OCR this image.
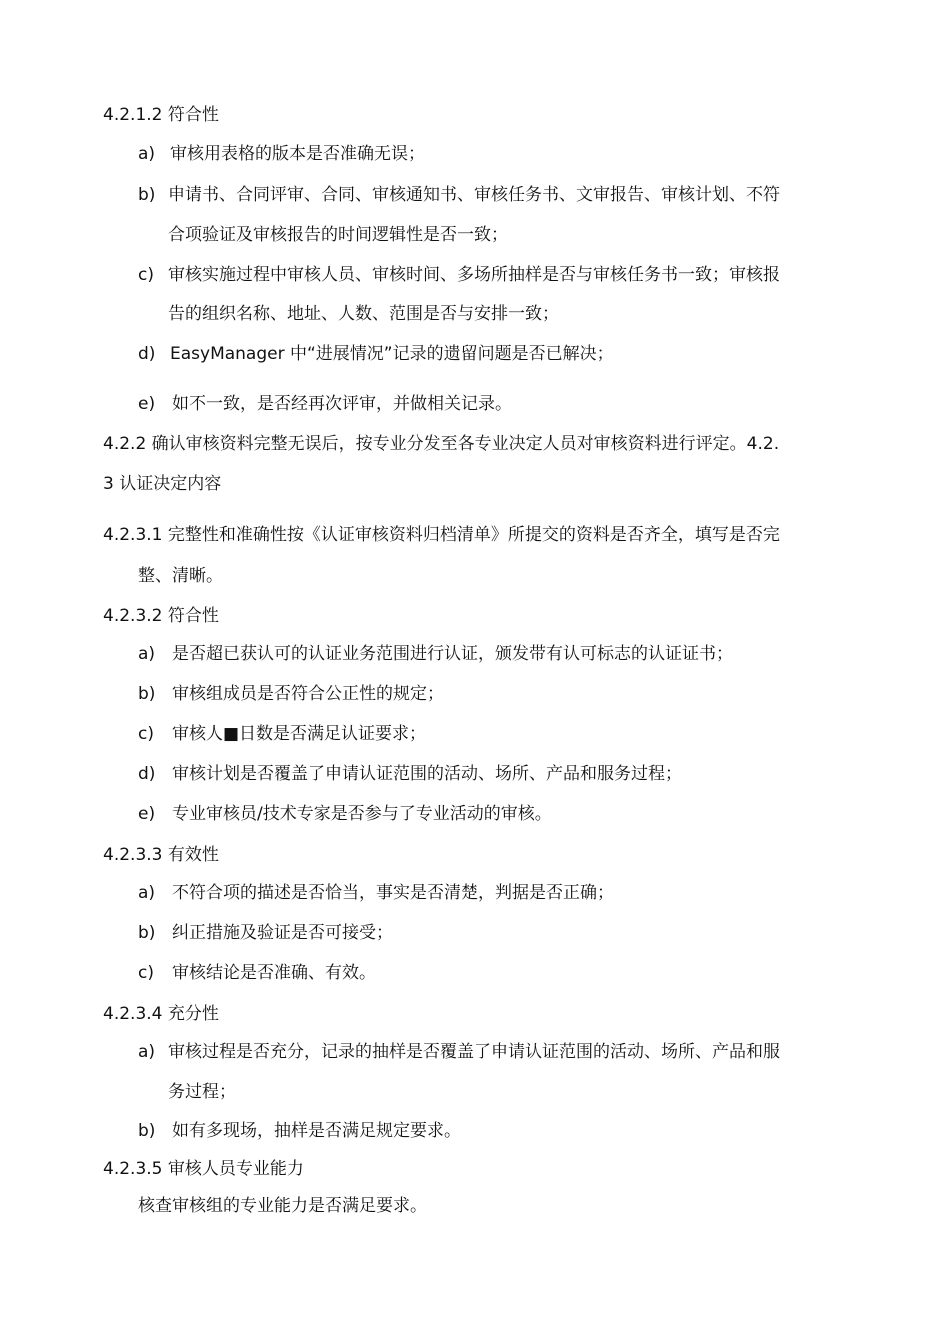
4.2.1.2 符合性
a) 审核用表格的版本是否准确无误；
b) 申请书、合同评审、合同、审核通知书、审核任务书、文审报告、审核计划、不符
合项验证及审核报告的时间逻辑性是否一致；
c) 审核实施过程中审核人员、审核时间、多场所抽样是否与审核任务书一致；审核报
告的组织名称、地址、人数、范围是否与安排一致；
d) EasyManager 中“进展情况”记录的遗留问题是否已解决；
e) 如不一致，是否经再次评审，并做相关记录。
4.2.2 确认审核资料完整无误后，按专业分发至各专业决定人员对审核资料进行评定。4.2.
3 认证决定内容
4.2.3.1 完整性和准确性按《认证审核资料归档清单》所提交的资料是否齐全，填写是否完
整、清晰。
4.2.3.2 符合性
a) 是否超已获认可的认证业务范围进行认证，颁发带有认可标志的认证证书；
b) 审核组成员是否符合公正性的规定；
c) 审核人■日数是否满足认证要求；
d) 审核计划是否覆盖了申请认证范围的活动、场所、产品和服务过程；
e) 专业审核员/技术专家是否参与了专业活动的审核。
4.2.3.3 有效性
a) 不符合项的描述是否恰当，事实是否清楚，判据是否正确；
b) 纠正措施及验证是否可接受；
c) 审核结论是否准确、有效。
4.2.3.4 充分性
a) 审核过程是否充分，记录的抽样是否覆盖了申请认证范围的活动、场所、产品和服
务过程；
b) 如有多现场，抽样是否满足规定要求。
4.2.3.5 审核人员专业能力
核查审核组的专业能力是否满足要求。
